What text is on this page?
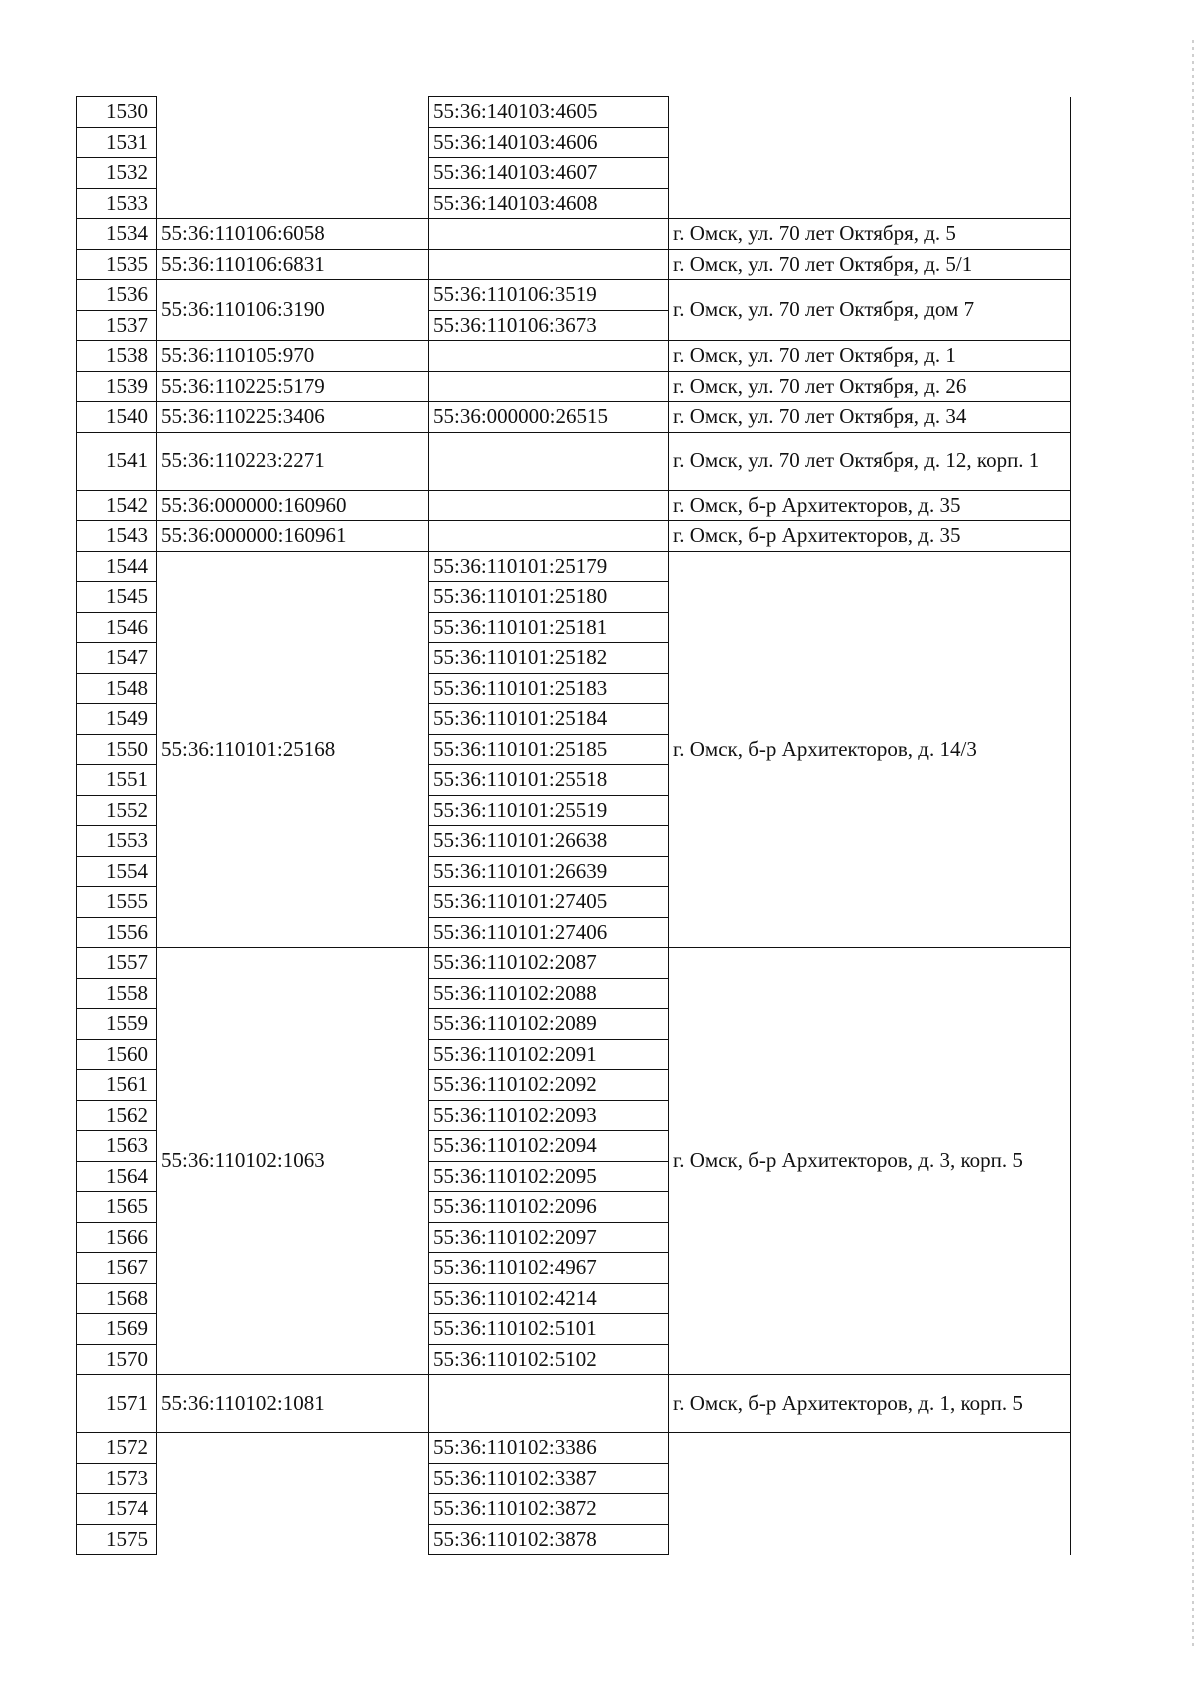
1530		55:36:140103:4605	
1531		55:36:140103:4606	
1532		55:36:140103:4607	
1533		55:36:140103:4608	
1534	55:36:110106:6058		г. Омск, ул. 70 лет Октября, д. 5
1535	55:36:110106:6831		г. Омск, ул. 70 лет Октября, д. 5/1
1536	55:36:110106:3190	55:36:110106:3519	г. Омск, ул. 70 лет Октября, дом 7
1537		55:36:110106:3673	
1538	55:36:110105:970		г. Омск, ул. 70 лет Октября, д. 1
1539	55:36:110225:5179		г. Омск, ул. 70 лет Октября, д. 26
1540	55:36:110225:3406	55:36:000000:26515	г. Омск, ул. 70 лет Октября, д. 34
1541	55:36:110223:2271		г. Омск, ул. 70 лет Октября, д. 12, корп. 1
1542	55:36:000000:160960		г. Омск, б-р Архитекторов, д. 35
1543	55:36:000000:160961		г. Омск, б-р Архитекторов, д. 35
1544	55:36:110101:25168	55:36:110101:25179	г. Омск, б-р Архитекторов, д. 14/3
1545		55:36:110101:25180	
1546		55:36:110101:25181	
1547		55:36:110101:25182	
1548		55:36:110101:25183	
1549		55:36:110101:25184	
1550		55:36:110101:25185	
1551		55:36:110101:25518	
1552		55:36:110101:25519	
1553		55:36:110101:26638	
1554		55:36:110101:26639	
1555		55:36:110101:27405	
1556		55:36:110101:27406	
1557	55:36:110102:1063	55:36:110102:2087	г. Омск, б-р Архитекторов, д. 3, корп. 5
1558		55:36:110102:2088	
1559		55:36:110102:2089	
1560		55:36:110102:2091	
1561		55:36:110102:2092	
1562		55:36:110102:2093	
1563		55:36:110102:2094	
1564		55:36:110102:2095	
1565		55:36:110102:2096	
1566		55:36:110102:2097	
1567		55:36:110102:4967	
1568		55:36:110102:4214	
1569		55:36:110102:5101	
1570		55:36:110102:5102	
1571	55:36:110102:1081		г. Омск, б-р Архитекторов, д. 1, корп. 5
1572		55:36:110102:3386	
1573		55:36:110102:3387	
1574		55:36:110102:3872	
1575		55:36:110102:3878	
